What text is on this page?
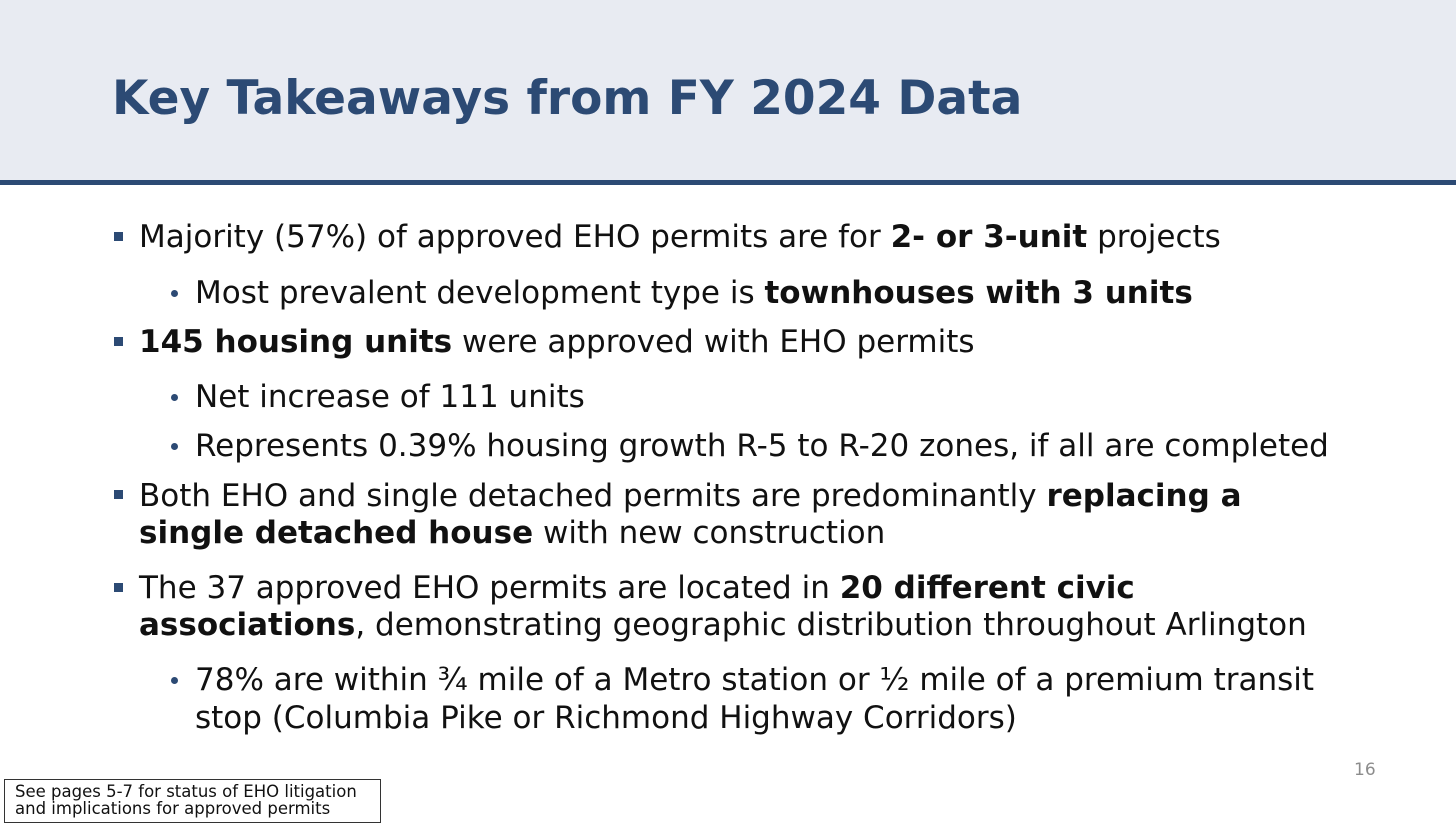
Key Takeaways from FY 2024 Data
Majority (57%) of approved EHO permits are for 2- or 3-unit projects
Most prevalent development type is townhouses with 3 units
145 housing units were approved with EHO permits
Net increase of 111 units
Represents 0.39% housing growth R-5 to R-20 zones, if all are completed
Both EHO and single detached permits are predominantly replacing a
single detached house with new construction
The 37 approved EHO permits are located in 20 different civic
associations, demonstrating geographic distribution throughout Arlington
78% are within ¾ mile of a Metro station or ½ mile of a premium transit
stop (Columbia Pike or Richmond Highway Corridors)
16
See pages 5-7 for status of EHO litigation
and implications for approved permits
